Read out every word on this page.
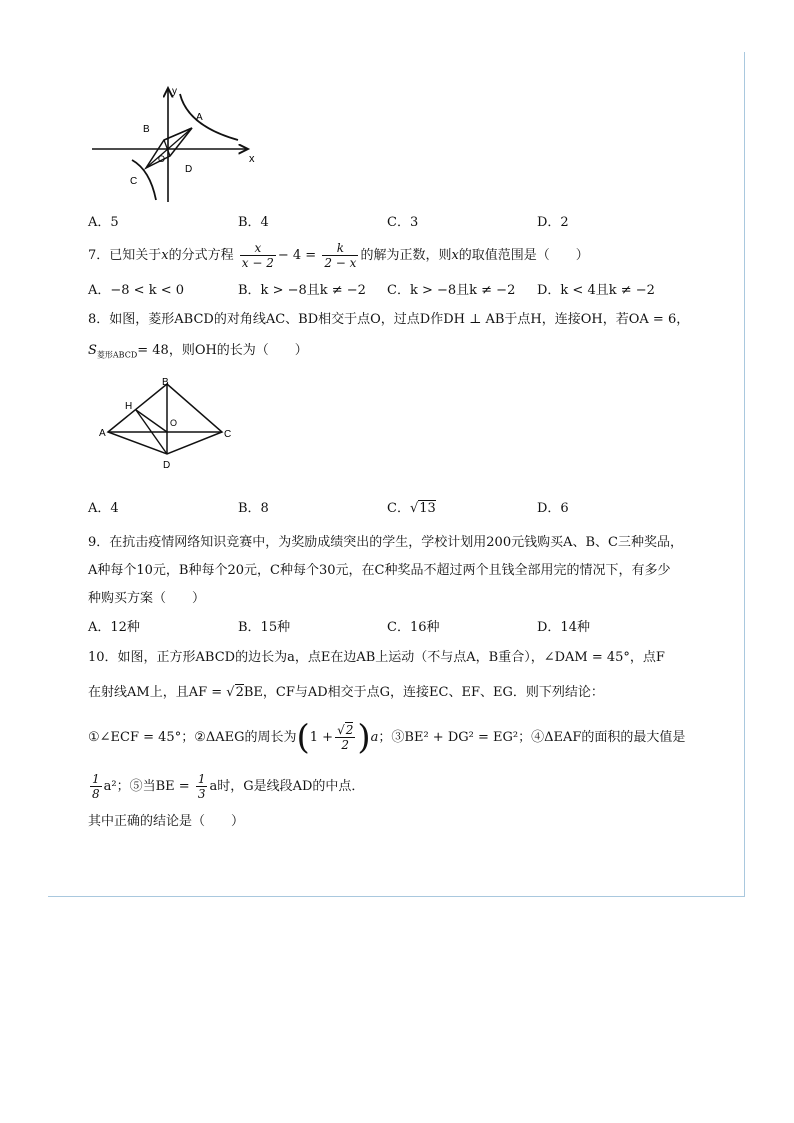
y
x
A
B
C
D
O
A．5	B．4	C．3	D．2
7．已知关于x的分式方程 $\frac{x}{x - 2} - 4 = \frac{k}{2 - x}$ 的解为正数，则x的取值范围是（　　）
A．−8 < k < 0	B．k > −8且k ≠ −2 C．k > −8且k ≠ −2 D．k < 4且k ≠ −2
8．如图，菱形ABCD的对角线AC、BD相交于点O，过点D作DH ⊥ AB于点H，连接OH，若OA = 6，
$S_{菱形ABCD}= 48$，则OH的长为（　　）
B
H
O
A	C
D
A．4	B．8	C．√13	D．6
9．在抗击疫情网络知识竞赛中，为奖励成绩突出的学生，学校计划用200元钱购买A、B、C三种奖品，
A种每个10元，B种每个20元，C种每个30元，在C种奖品不超过两个且钱全部用完的情况下，有多少
种购买方案（　　）
A．12种	B．15种	C．16种	D．14种
10．如图，正方形ABCD的边长为a，点E在边AB上运动（不与点A，B重合），∠DAM = 45°，点F
在射线AM上，且AF = √2BE，CF与AD相交于点G，连接EC、EF、EG．则下列结论：
①∠ECF = 45°；②ΔAEG的周长为$(1 + \frac{√2}{2} )a$；③BE² + DG² = EG²；④ΔEAF的面积的最大值是
$\frac{1}{8} a^2$；⑤当BE = $\frac{1}{3}$ a时，G是线段AD的中点．
其中正确的结论是（　　）
